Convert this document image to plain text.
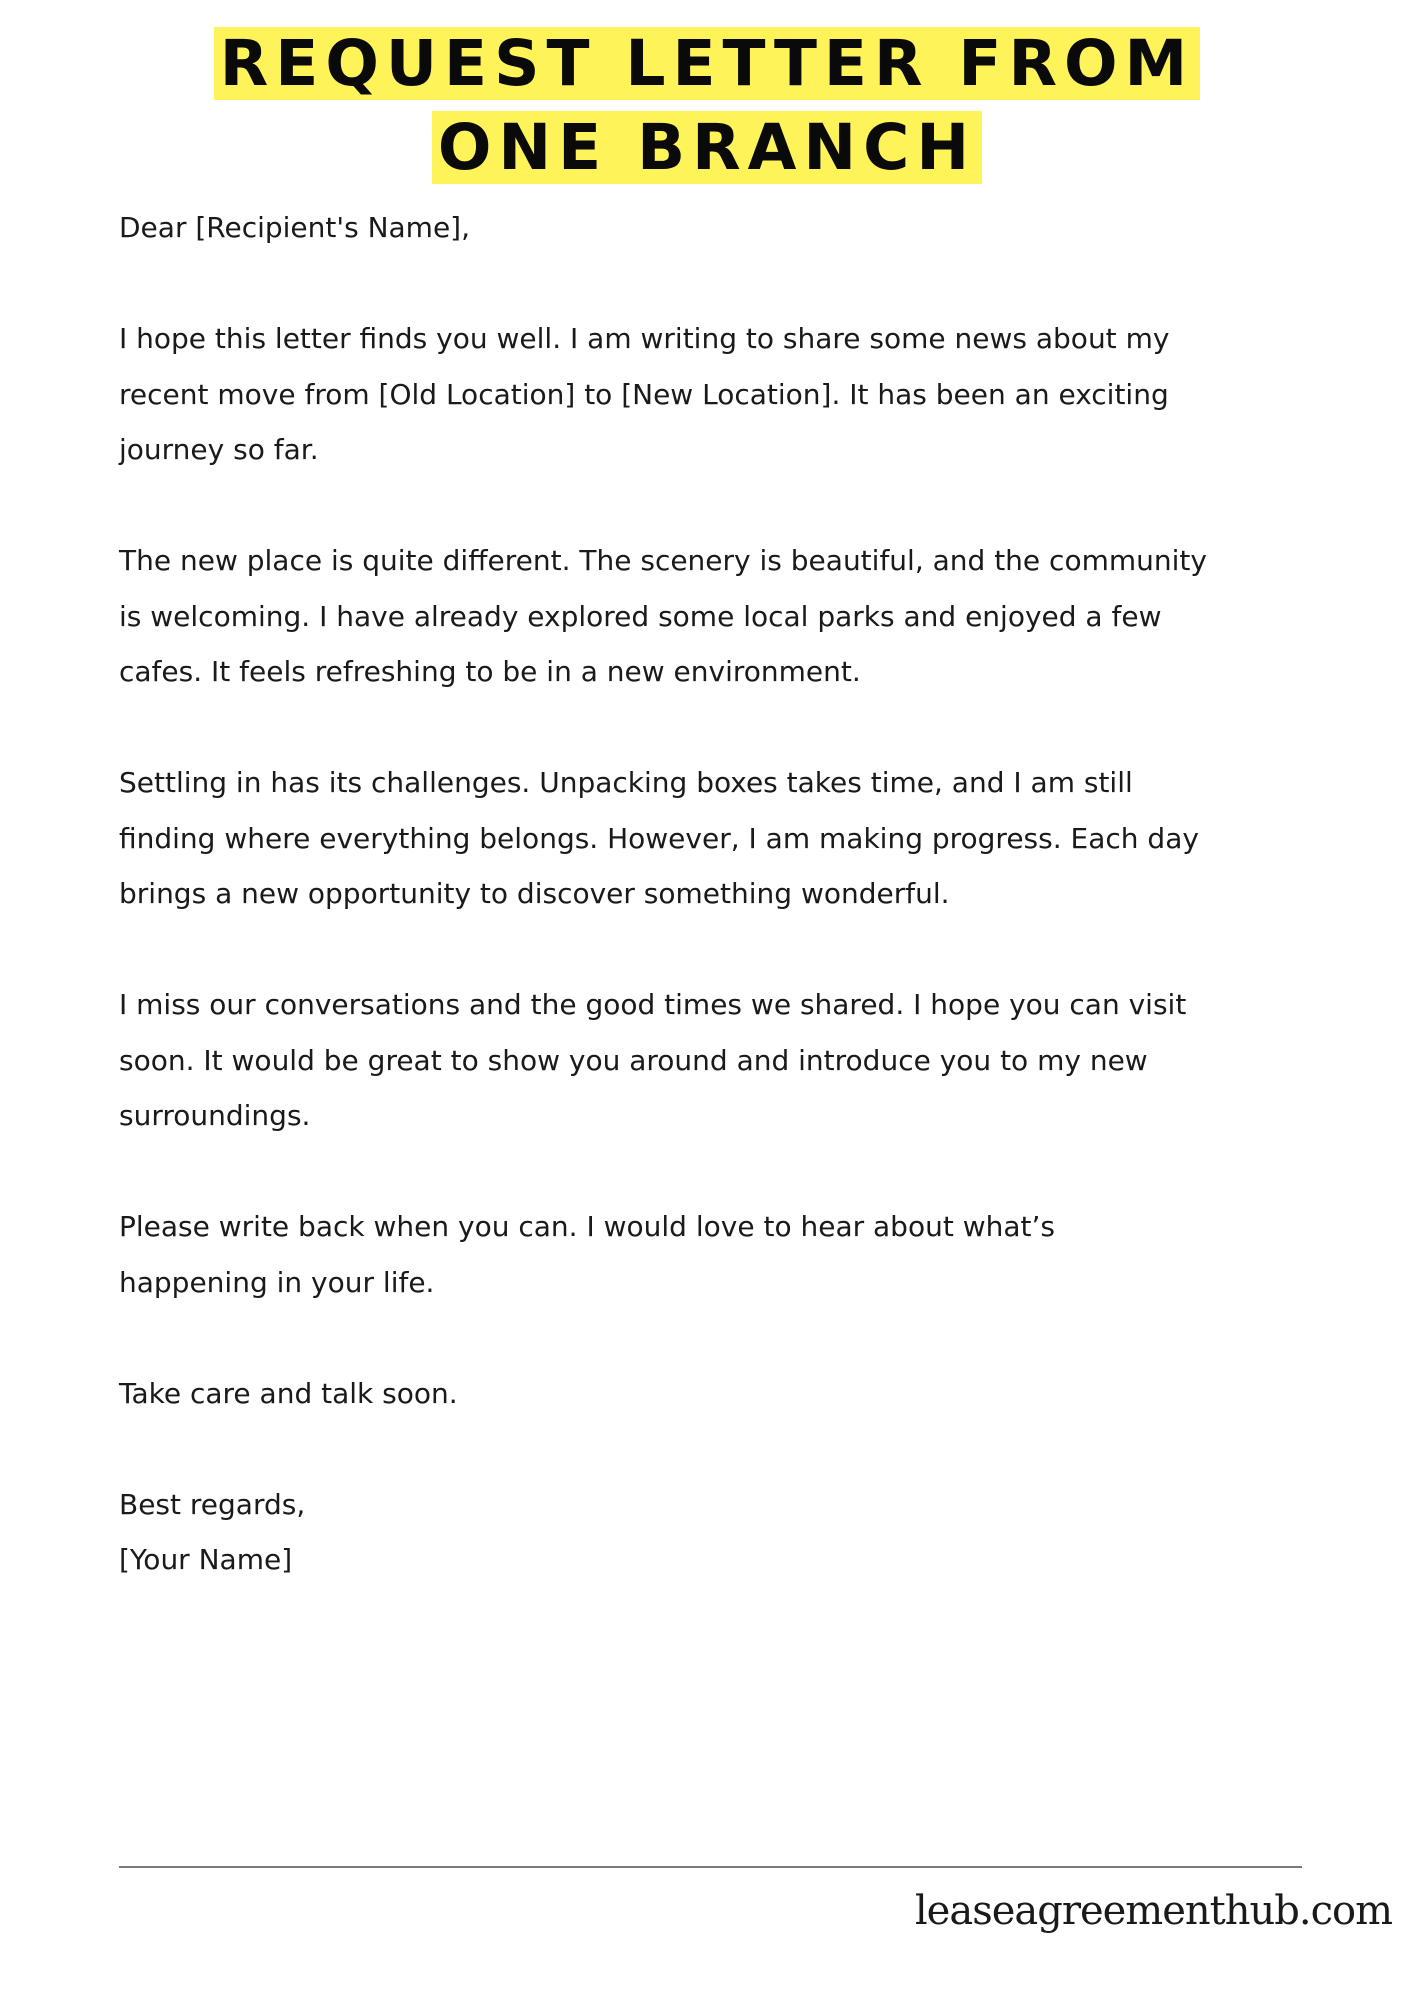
REQUEST LETTER FROM ONE BRANCH

Dear [Recipient's Name],

I hope this letter finds you well. I am writing to share some news about my
recent move from [Old Location] to [New Location]. It has been an exciting
journey so far.

The new place is quite different. The scenery is beautiful, and the community
is welcoming. I have already explored some local parks and enjoyed a few
cafes. It feels refreshing to be in a new environment.

Settling in has its challenges. Unpacking boxes takes time, and I am still
finding where everything belongs. However, I am making progress. Each day
brings a new opportunity to discover something wonderful.

I miss our conversations and the good times we shared. I hope you can visit
soon. It would be great to show you around and introduce you to my new
surroundings.

Please write back when you can. I would love to hear about what’s
happening in your life.

Take care and talk soon.

Best regards,

[Your Name]

leaseagreementhub.com
